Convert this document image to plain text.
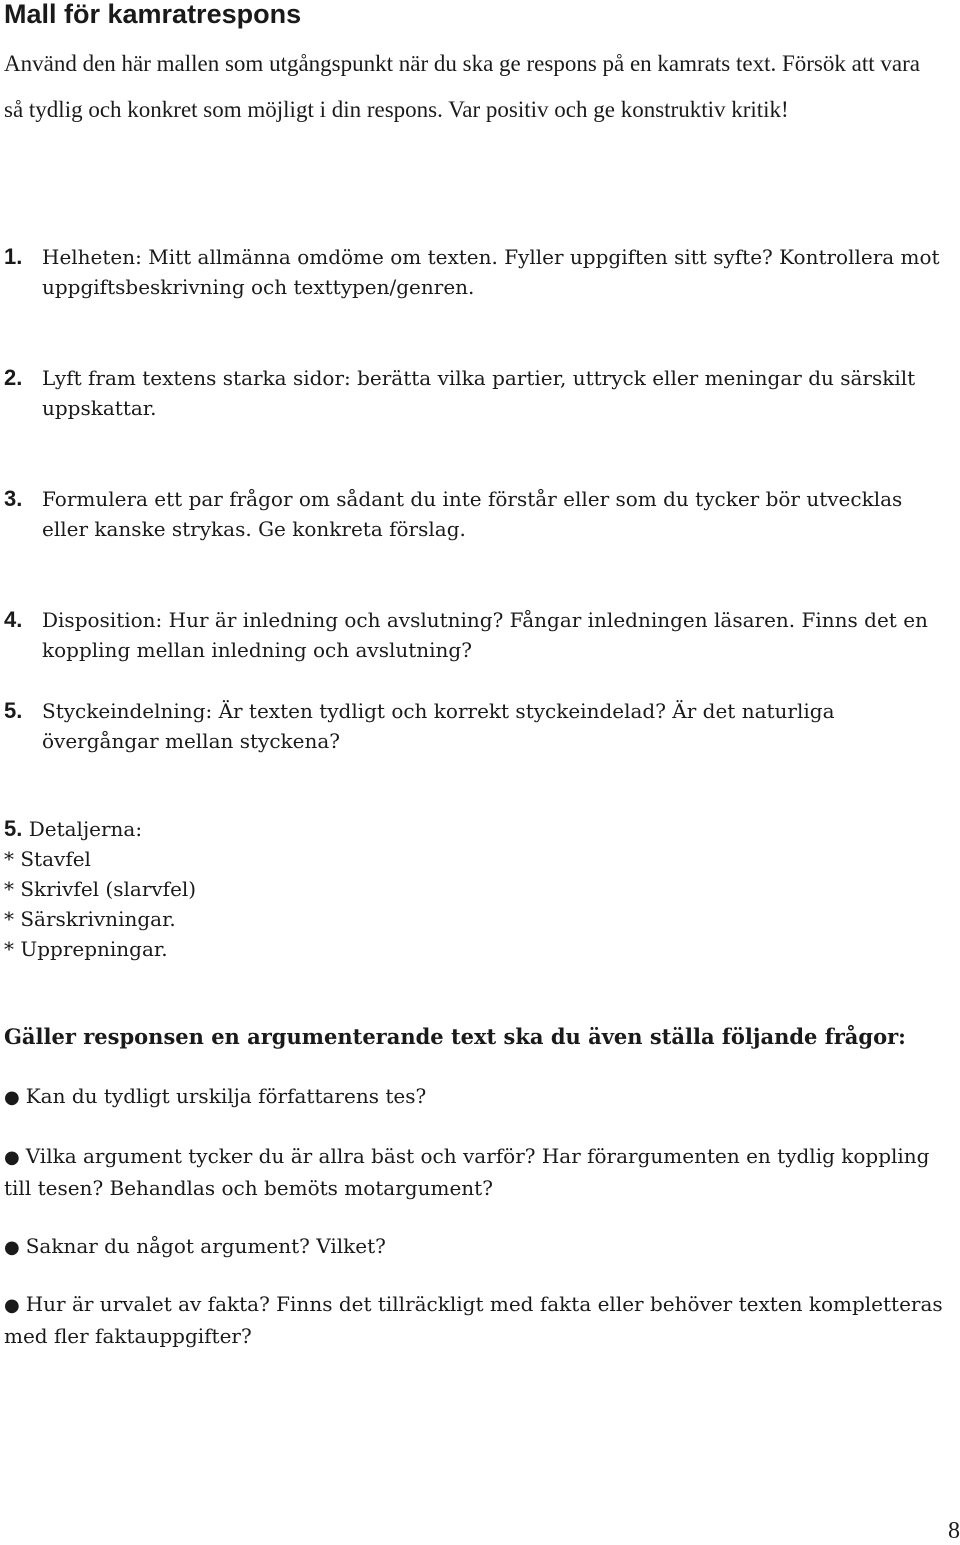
Mall för kamratrespons

Använd den här mallen som utgångspunkt när du ska ge respons på en kamrats text. Försök att vara så tydlig och konkret som möjligt i din respons. Var positiv och ge konstruktiv kritik!

1. Helheten: Mitt allmänna omdöme om texten. Fyller uppgiften sitt syfte? Kontrollera mot uppgiftsbeskrivning och texttypen/genren.
2. Lyft fram textens starka sidor: berätta vilka partier, uttryck eller meningar du särskilt uppskattar.
3. Formulera ett par frågor om sådant du inte förstår eller som du tycker bör utvecklas eller kanske strykas. Ge konkreta förslag.
4. Disposition: Hur är inledning och avslutning? Fångar inledningen läsaren. Finns det en koppling mellan inledning och avslutning?
5. Styckeindelning: Är texten tydligt och korrekt styckeindelad? Är det naturliga övergångar mellan styckena?
5. Detaljerna:
* Stavfel
* Skrivfel (slarvfel)
* Särskrivningar.
* Upprepningar.
Gäller responsen en argumenterande text ska du även ställa följande frågor:
● Kan du tydligt urskilja författarens tes?
● Vilka argument tycker du är allra bäst och varför? Har förargumenten en tydlig koppling till tesen? Behandlas och bemöts motargument?
● Saknar du något argument? Vilket?
● Hur är urvalet av fakta? Finns det tillräckligt med fakta eller behöver texten kompletteras med fler faktauppgifter?
8
